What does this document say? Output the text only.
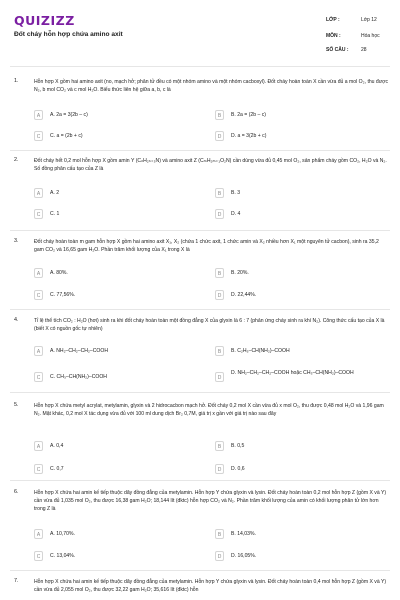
QUIZIZZ
Đốt cháy hỗn hợp chứa amino axit
LỚP :	Lớp 12
MÔN :	Hóa học
SỐ CÂU :	28
1.	Hỗn hợp X gồm hai amino axit (no, mạch hở; phân tử đều có một nhóm amino và một nhóm cacboxyl). Đốt cháy hoàn toàn X cần vừa đủ a mol O₂, thu được N₂, b mol CO₂ và c mol H₂O. Biểu thức liên hệ giữa a, b, c là
A	A. 2a = 3(2b – c)	B	B. 2a = (2b – c)
C	C. a = (2b + c)	D	D. a = 3(2b + c)
2.	Đốt cháy hết 0,2 mol hỗn hợp X gồm amin Y (CₙH₂ₙ₊₃N) và amino axit Z (CₘH₂ₘ₊₁O₂N) cần dùng vừa đủ 0,45 mol O₂, sản phẩm cháy gồm CO₂, H₂O và N₂. Số đồng phân cấu tạo của Z là
A	A. 2	B	B. 3
C	C. 1	D	D. 4
3.	Đốt cháy hoàn toàn m gam hỗn hợp X gồm hai amino axit X₁, X₂ (chứa 1 chức axit, 1 chức amin và X₂ nhiều hơn X₁ một nguyên tử cacbon), sinh ra 35,2 gam CO₂ và 16,65 gam H₂O. Phần trăm khối lượng của X₁ trong X là
A	A. 80%.	B	B. 20%.
C	C. 77,56%.	D	D. 22,44%.
4.	Tỉ lệ thể tích CO₂ : H₂O (hơi) sinh ra khi đốt cháy hoàn toàn một đồng đẳng X của glyxin là 6 : 7 (phản ứng cháy sinh ra khí N₂). Công thức cấu tạo của X là (biết X có nguồn gốc tự nhiên)
A	A. NH₂–CH₂–CH₂–COOH	B	B. C₂H₅–CH(NH₂)–COOH
C	C. CH₃–CH(NH₂)–COOH	D
D. NH₂–CH₂–CH₂–COOH hoặc CH₃–CH(NH₂)–COOH
5.	Hỗn hợp X chứa metyl acrylat, metylamin, glyxin và 2 hidrocacbon mạch hở. Đốt cháy 0,2 mol X cần vừa đủ x mol O₂, thu được 0,48 mol H₂O và 1,96 gam N₂. Mặt khác, 0,2 mol X tác dụng vừa đủ với 100 ml dung dịch Br₂ 0,7M, giá trị x gần với giá trị nào sau đây
A	A. 0,4	B	B. 0,5
C	C. 0,7	D	D. 0,6
6.	Hỗn hợp X chứa hai amin kế tiếp thuộc dãy đồng đẳng của metylamin. Hỗn hợp Y chứa glyxin và lysin. Đốt cháy hoàn toàn 0,2 mol hỗn hợp Z (gồm X và Y) cần vừa đủ 1,035 mol O₂, thu được 16,38 gam H₂O; 18,144 lít (đktc) hỗn hợp CO₂ và N₂. Phần trăm khối lượng của amin có khối lượng phân tử lớn hơn trong Z là
A	A. 10,70%.	B	B. 14,03%.
C	C. 13,04%.	D	D. 16,05%.
7.	Hỗn hợp X chứa hai amin kế tiếp thuộc dãy đồng đẳng của metylamin. Hỗn hợp Y chứa glyxin và lysin. Đốt cháy hoàn toàn 0,4 mol hỗn hợp Z (gồm X và Y) cần vừa đủ 2,055 mol O₂, thu được 32,22 gam H₂O; 35,616 lít (đktc) hỗn
